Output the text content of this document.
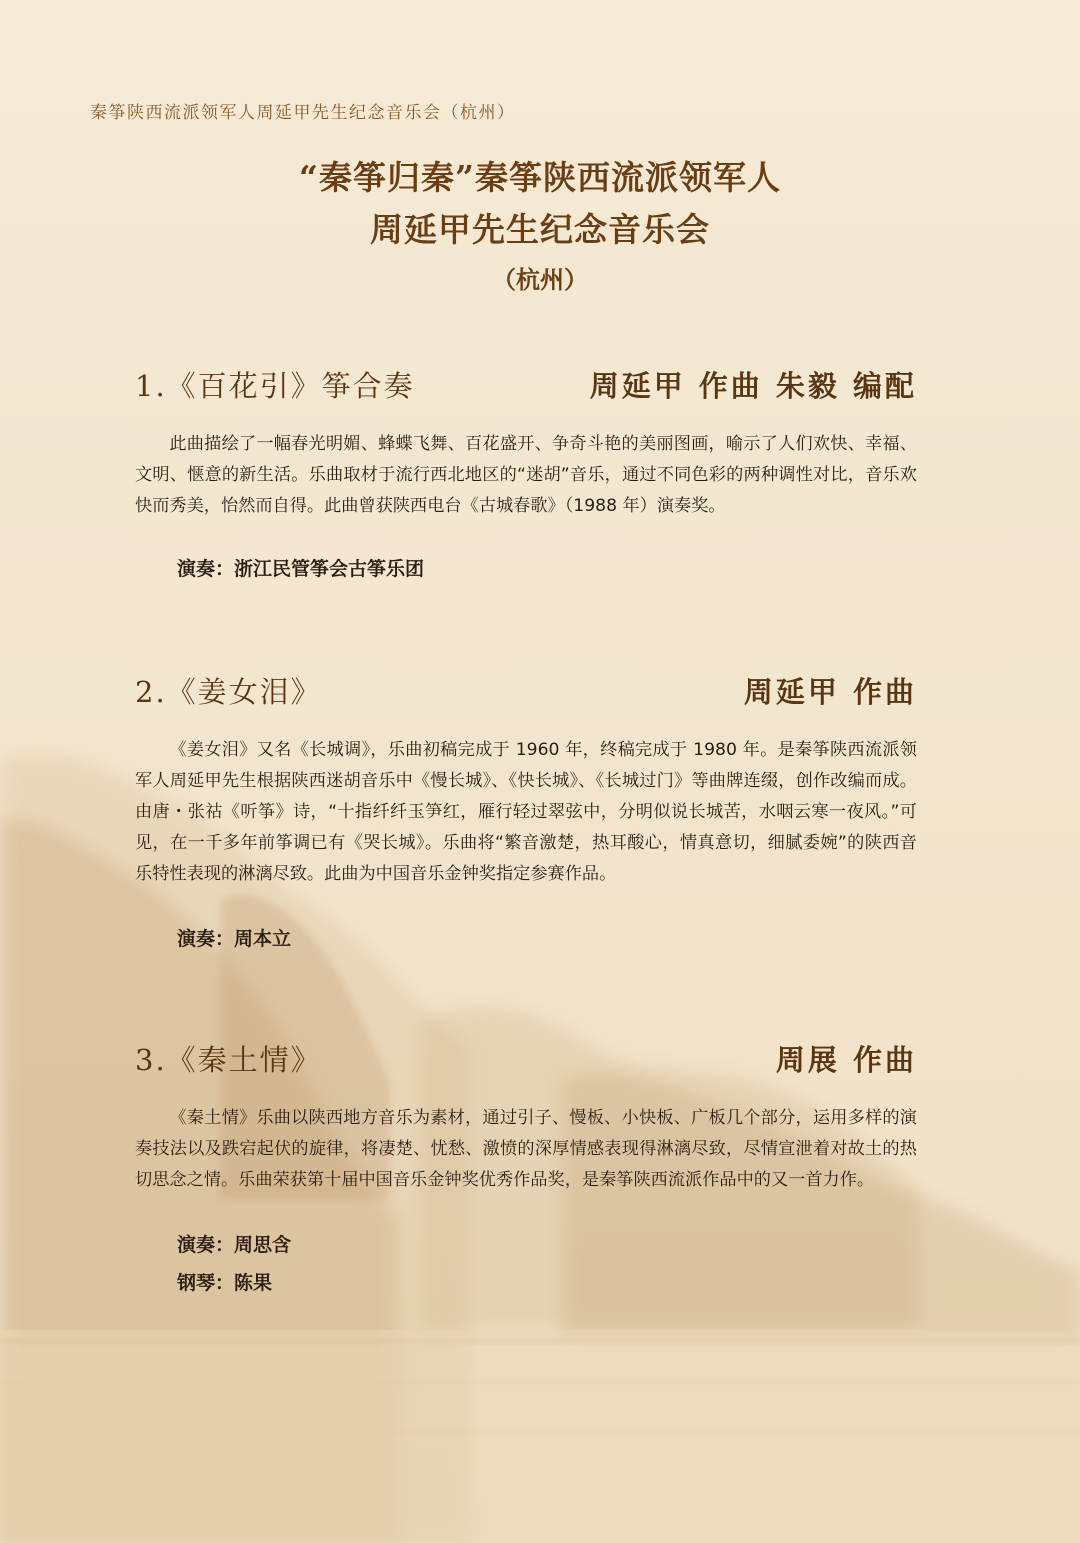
秦筝陕西流派领军人周延甲先生纪念音乐会（杭州）
“秦筝归秦”秦筝陕西流派领军人
周延甲先生纪念音乐会
（杭州）
1.《百花引》筝合奏	周延甲 作曲 朱毅 编配
此曲描绘了一幅春光明媚、蜂蝶飞舞、百花盛开、争奇斗艳的美丽图画，喻示了人们欢快、幸福、文明、惬意的新生活。乐曲取材于流行西北地区的“迷胡”音乐，通过不同色彩的两种调性对比，音乐欢快而秀美，怡然而自得。此曲曾获陕西电台《古城春歌》（1988 年）演奏奖。
演奏：浙江民管筝会古筝乐团
2.《姜女泪》	周延甲 作曲
《姜女泪》又名《长城调》，乐曲初稿完成于 1960 年，终稿完成于 1980 年。是秦筝陕西流派领军人周延甲先生根据陕西迷胡音乐中《慢长城》、《快长城》、《长城过门》等曲牌连缀，创作改编而成。由唐・张祜《听筝》诗，“十指纤纤玉笋红，雁行轻过翠弦中，分明似说长城苦，水咽云寒一夜风。”可见，在一千多年前筝调已有《哭长城》。乐曲将“繁音激楚，热耳酸心，情真意切，细腻委婉”的陕西音乐特性表现的淋漓尽致。此曲为中国音乐金钟奖指定参赛作品。
演奏：周本立
3.《秦土情》	周展 作曲
《秦土情》乐曲以陕西地方音乐为素材，通过引子、慢板、小快板、广板几个部分，运用多样的演奏技法以及跌宕起伏的旋律，将凄楚、忧愁、激愤的深厚情感表现得淋漓尽致，尽情宣泄着对故土的热切思念之情。乐曲荣获第十届中国音乐金钟奖优秀作品奖，是秦筝陕西流派作品中的又一首力作。
演奏：周思含
钢琴：陈果
